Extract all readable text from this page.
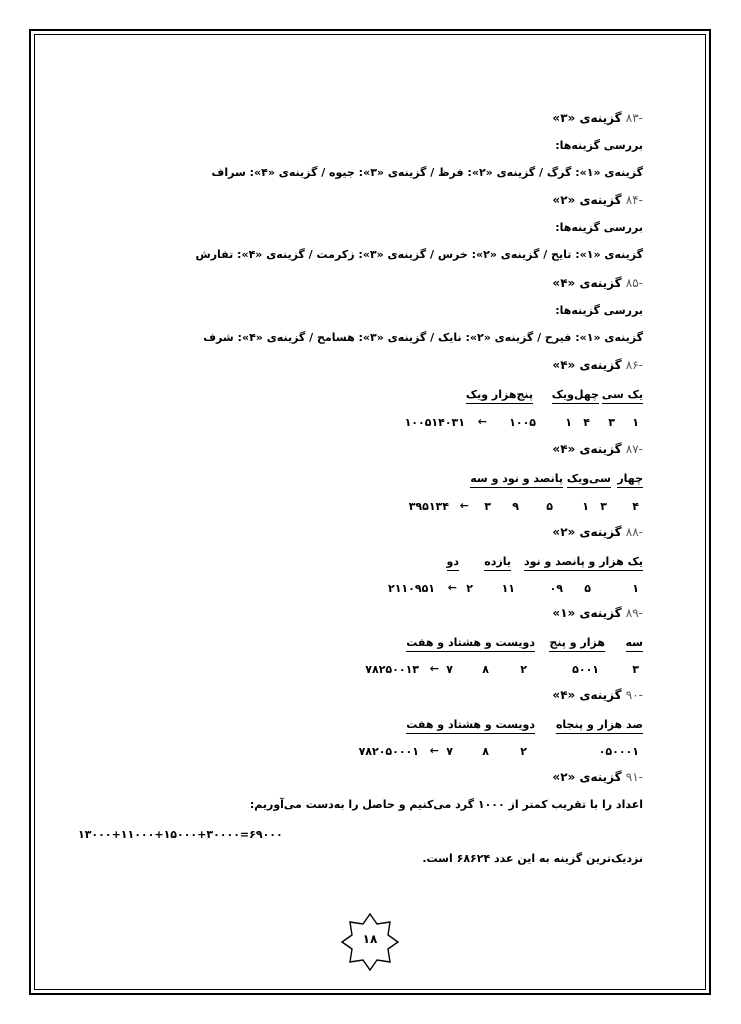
-۸۳ گزینه‌ی «۳»
بررسی گزینه‌ها:
گزینه‌ی «۱»: گرگ / گزینه‌ی «۲»: فرظ / گزینه‌ی «۳»: جیوه / گزینه‌ی «۴»: سراف
-۸۴ گزینه‌ی «۲»
بررسی گزینه‌ها:
گزینه‌ی «۱»: تایح / گزینه‌ی «۲»: خرس / گزینه‌ی «۳»: زکرمت / گزینه‌ی «۴»: تفارش
-۸۵ گزینه‌ی «۴»
بررسی گزینه‌ها:
گزینه‌ی «۱»: فیرح / گزینه‌ی «۲»: نایک / گزینه‌ی «۳»: هسامح / گزینه‌ی «۴»: شرف
-۸۶ گزینه‌ی «۴»
یک سی
چهل‌ویک
پنج‌هزار ویک
۱
۳
۴
۱
۱۰۰۵
←
۱۰۰۵۱۴۰۳۱
-۸۷ گزینه‌ی «۴»
چهار
سی‌ویک
پانصد و نود و سه
۴
۳
۱
۵
۹
۳
←
۳۹۵۱۳۴
-۸۸ گزینه‌ی «۲»
یک هزار و پانصد و نود
یازده
دو
۱
۵
۰۹
۱۱
۲
←
۲۱۱۰۹۵۱
-۸۹ گزینه‌ی «۱»
سه
هزار و پنج
دویست و هشتاد و هفت
۳
۵۰۰۱
۲
۸
۷
←
۷۸۲۵۰۰۱۳
-۹۰ گزینه‌ی «۴»
صد هزار و پنجاه
دویست و هشتاد و هفت
۰۵۰۰۰۱
۲
۸
۷
←
۷۸۲۰۵۰۰۰۱
-۹۱ گزینه‌ی «۲»
اعداد را با تقریب کمتر از ۱۰۰۰ گرد می‌کنیم و حاصل را به‌دست می‌آوریم:
۱۳۰۰۰+۱۱۰۰۰+۱۵۰۰۰+۳۰۰۰۰=۶۹۰۰۰
نزدیک‌ترین گزینه به این عدد ۶۸۶۲۴ است.
۱۸
